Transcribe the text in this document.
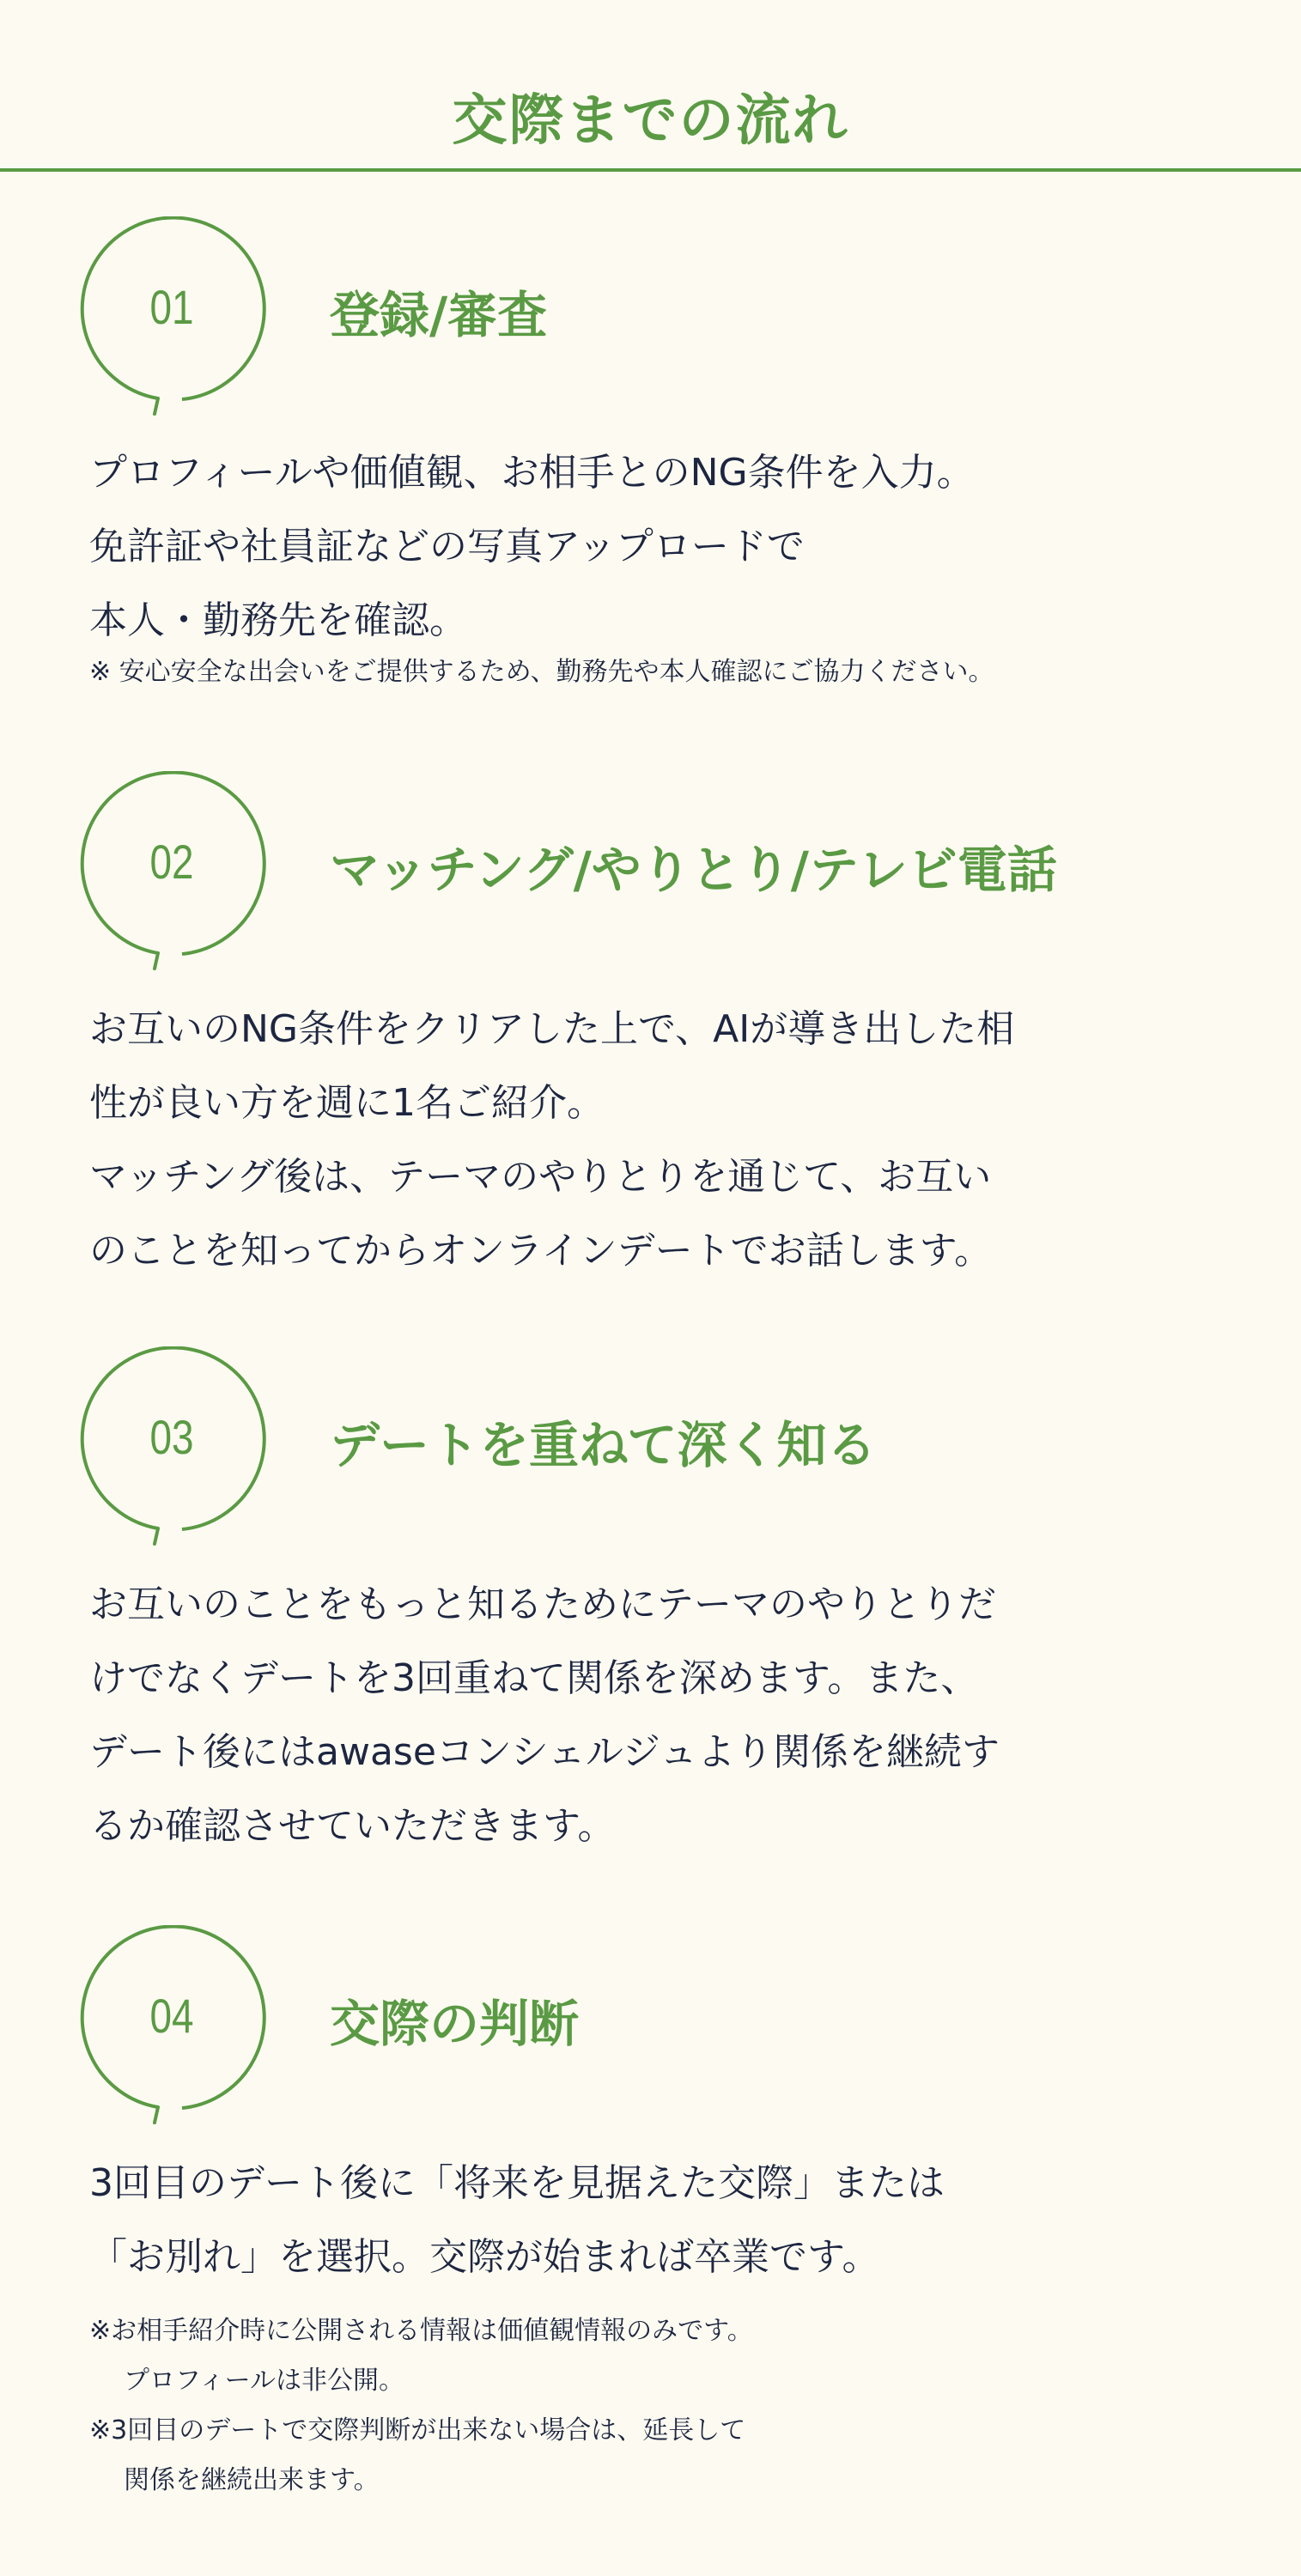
交際までの流れ
01	登録/審査
プロフィールや価値観、お相手とのNG条件を入力。
免許証や社員証などの写真アップロードで
本人・勤務先を確認。
※ 安心安全な出会いをご提供するため、勤務先や本人確認にご協力ください。
02	マッチング/やりとり/テレビ電話
お互いのNG条件をクリアした上で、AIが導き出した相
性が良い方を週に1名ご紹介。
マッチング後は、テーマのやりとりを通じて、お互い
のことを知ってからオンラインデートでお話します。
03	デートを重ねて深く知る
お互いのことをもっと知るためにテーマのやりとりだ
けでなくデートを3回重ねて関係を深めます。また、
デート後にはawaseコンシェルジュより関係を継続す
るか確認させていただきます。
04	交際の判断
3回目のデート後に「将来を見据えた交際」または
「お別れ」を選択。交際が始まれば卒業です。
※お相手紹介時に公開される情報は価値観情報のみです。
プロフィールは非公開。
※3回目のデートで交際判断が出来ない場合は、延長して
関係を継続出来ます。
